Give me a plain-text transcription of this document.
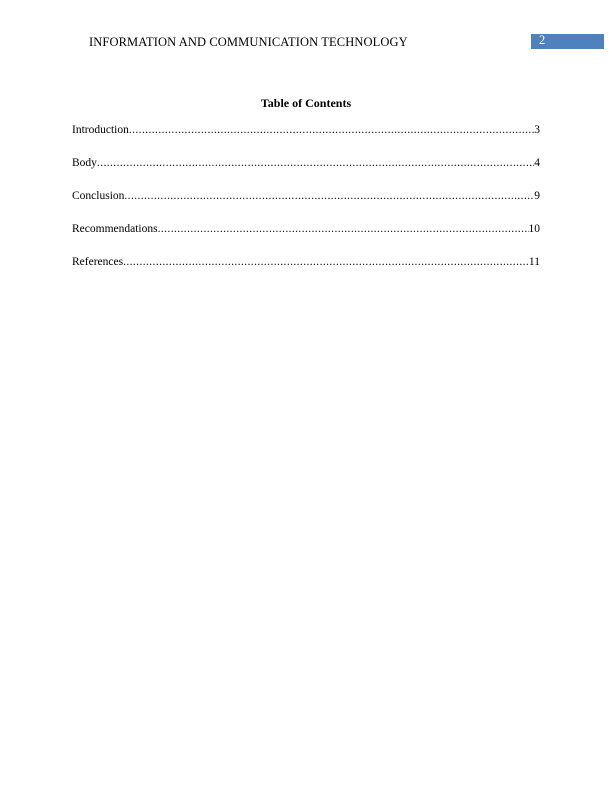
INFORMATION AND COMMUNICATION TECHNOLOGY	2
Table of Contents
Introduction .....	3
Body .....	4
Conclusion .....	9
Recommendations .....	10
References .....	11
